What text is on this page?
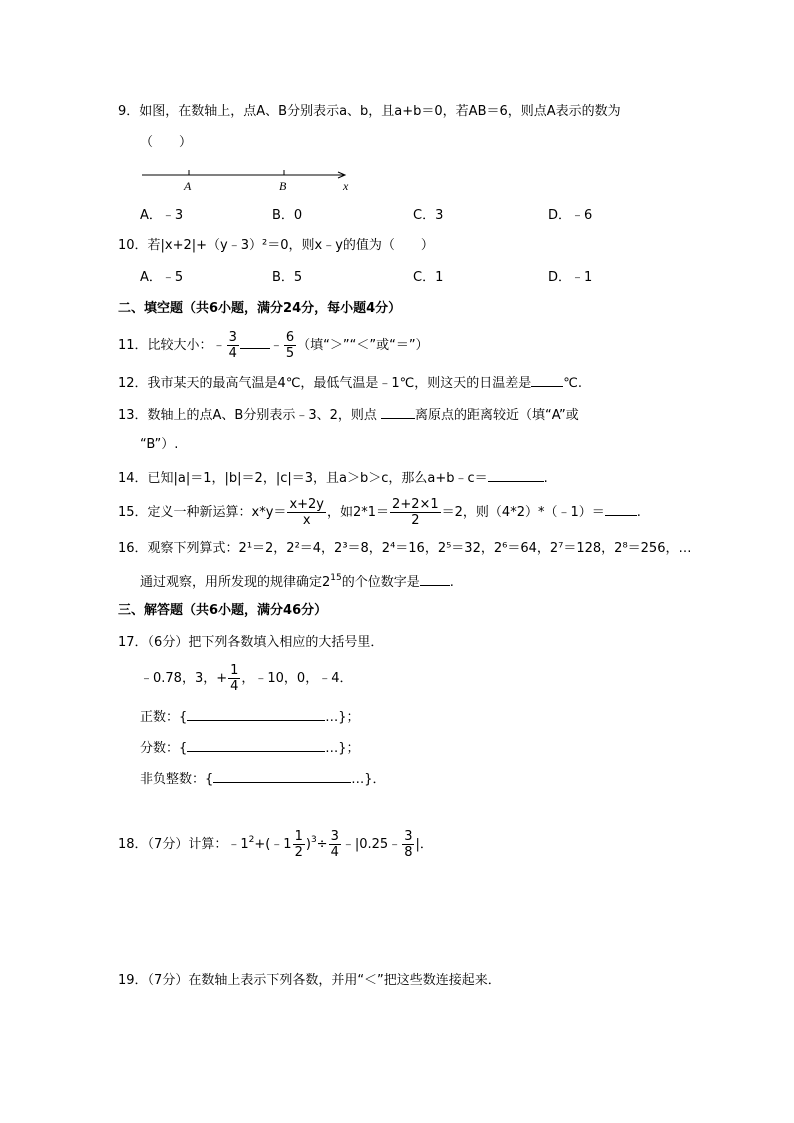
9．如图，在数轴上，点A、B分别表示a、b，且a+b＝0，若AB＝6，则点A表示的数为
（　　）
A	B	x
A．﹣3	B．0	C．3	D．﹣6
10．若|x+2|+（y﹣3）²＝0，则x﹣y的值为（　　）
A．﹣5	B．5	C．1	D．﹣1
二、填空题（共6小题，满分24分，每小题4分）
11．比较大小：﹣ $\frac{3}{4}$ ﹣ $\frac{6}{5}$ （填“＞”“＜”或“＝”）
12．我市某天的最高气温是4℃，最低气温是﹣1℃，则这天的日温差是 ℃.
13．数轴上的点A、B分别表示﹣3、2，则点	离原点的距离较近（填“A”或
“B”）.
14．已知|a|＝1，|b|＝2，|c|＝3，且a＞b＞c，那么a+b﹣c＝	.
15．定义一种新运算：$x*y= \frac{x+2y}{x}$ ，如$2*1= \frac{2+2\times 1}{2} =2$，则（4*2）*（﹣1）＝ .
16．观察下列算式：2¹＝2，2²＝4，2³＝8，2⁴＝16，2⁵＝32，2⁶＝64，2⁷＝128，2⁸＝256，…
通过观察，用所发现的规律确定$2^{15}$的个位数字是 .
三、解答题（共6小题，满分46分）
17．（6分）把下列各数填入相应的大括号里．
﹣0.78，3，+ $\frac{1}{4}$ ，﹣10，0，﹣4．
正数：{	…}；
分数：{	…}；
非负整数：{	…}．
18．（7分）计算：$﹣1^2+(﹣1 \frac{1}{2} )^3\div \frac{3}{4}$ ﹣|0.25﹣ $\frac{3}{8}$ |．
19．（7分）在数轴上表示下列各数，并用“＜”把这些数连接起来．
